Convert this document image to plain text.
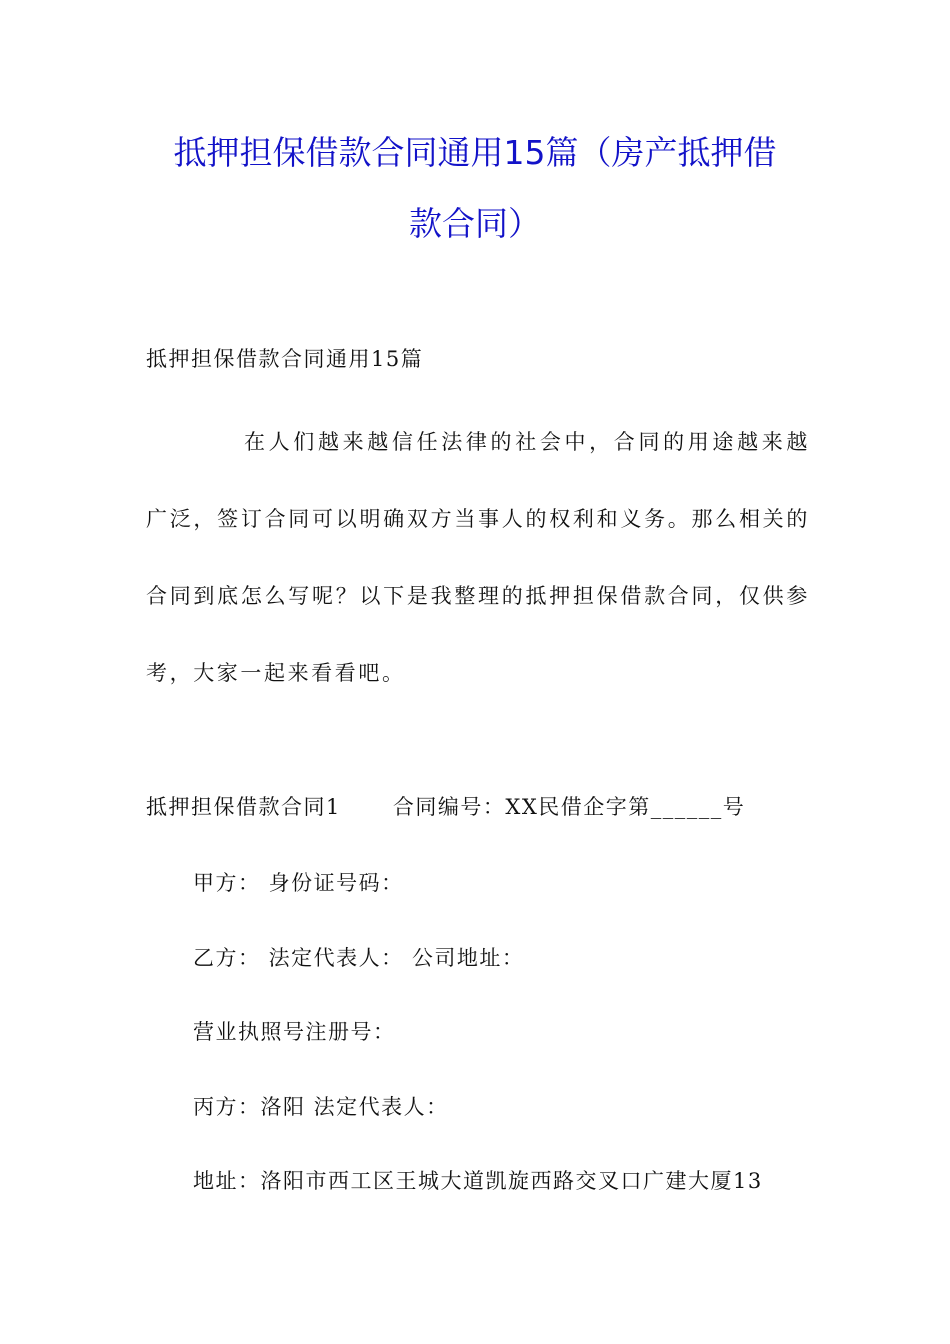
抵押担保借款合同通用15篇（房产抵押借
款合同）
抵押担保借款合同通用15篇

在人们越来越信任法律的社会中，合同的用途越来越广泛，签订合同可以明确双方当事人的权利和义务。那么相关的合同到底怎么写呢？以下是我整理的抵押担保借款合同，仅供参考，大家一起来看看吧。

抵押担保借款合同1 合同编号：XX民借企字第______号
甲方： 身份证号码：
乙方： 法定代表人： 公司地址：
营业执照号注册号：
丙方：洛阳 法定代表人：
地址：洛阳市西工区王城大道凯旋西路交叉口广建大厦13
